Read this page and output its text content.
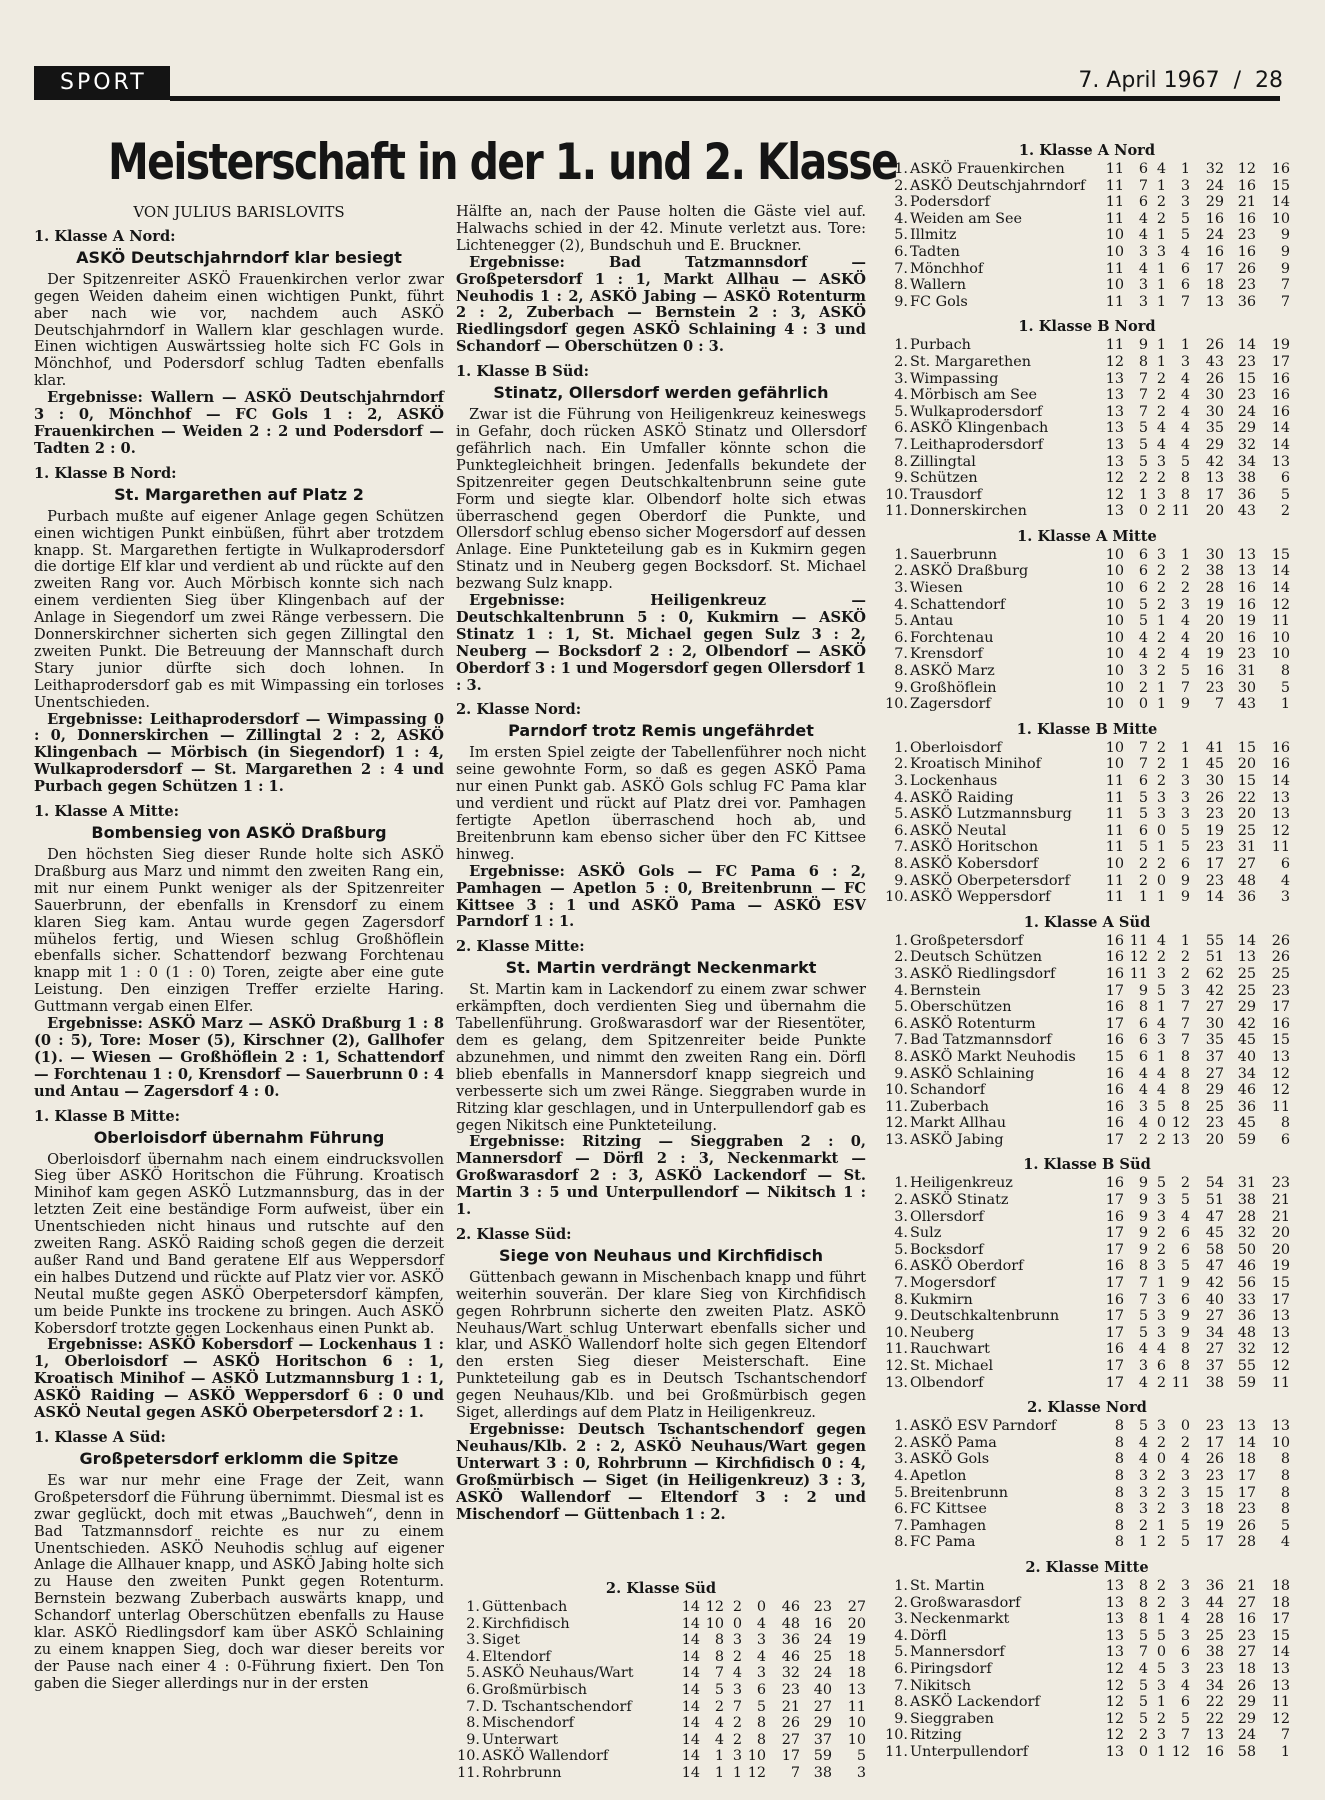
SPORT	7. April 1967 / 28
Meisterschaft in der 1. und 2. Klasse

VON JULIUS BARISLOVITS

1. Klasse A Nord:

ASKÖ Deutschjahrndorf klar besiegt

Der Spitzenreiter ASKÖ Frauenkirchen verlor zwar gegen Weiden daheim einen wichtigen Punkt, führt aber nach wie vor, nachdem auch ASKÖ Deutschjahrndorf in Wallern klar geschlagen wurde. Einen wichtigen Auswärtssieg holte sich FC Gols in Mönchhof, und Podersdorf schlug Tadten ebenfalls klar.

Ergebnisse: Wallern — ASKÖ Deutschjahrndorf 3 : 0, Mönchhof — FC Gols 1 : 2, ASKÖ Frauenkirchen — Weiden 2 : 2 und Podersdorf — Tadten 2 : 0.

1. Klasse B Nord:

St. Margarethen auf Platz 2

Purbach mußte auf eigener Anlage gegen Schützen einen wichtigen Punkt einbüßen, führt aber trotzdem knapp. St. Margarethen fertigte in Wulkaprodersdorf die dortige Elf klar und verdient ab und rückte auf den zweiten Rang vor. Auch Mörbisch konnte sich nach einem verdienten Sieg über Klingenbach auf der Anlage in Siegendorf um zwei Ränge verbessern. Die Donnerskirchner sicherten sich gegen Zillingtal den zweiten Punkt. Die Betreuung der Mannschaft durch Stary junior dürfte sich doch lohnen. In Leithaprodersdorf gab es mit Wimpassing ein torloses Unentschieden.

Ergebnisse: Leithaprodersdorf — Wimpassing 0 : 0, Donnerskirchen — Zillingtal 2 : 2, ASKÖ Klingenbach — Mörbisch (in Siegendorf) 1 : 4, Wulkaprodersdorf — St. Margarethen 2 : 4 und Purbach gegen Schützen 1 : 1.

1. Klasse A Mitte:

Bombensieg von ASKÖ Draßburg

Den höchsten Sieg dieser Runde holte sich ASKÖ Draßburg aus Marz und nimmt den zweiten Rang ein, mit nur einem Punkt weniger als der Spitzenreiter Sauerbrunn, der ebenfalls in Krensdorf zu einem klaren Sieg kam. Antau wurde gegen Zagersdorf mühelos fertig, und Wiesen schlug Großhöflein ebenfalls sicher. Schattendorf bezwang Forchtenau knapp mit 1 : 0 (1 : 0) Toren, zeigte aber eine gute Leistung. Den einzigen Treffer erzielte Haring. Guttmann vergab einen Elfer.

Ergebnisse: ASKÖ Marz — ASKÖ Draßburg 1 : 8 (0 : 5), Tore: Moser (5), Kirschner (2), Gallhofer (1). — Wiesen — Großhöflein 2 : 1, Schattendorf — Forchtenau 1 : 0, Krensdorf — Sauerbrunn 0 : 4 und Antau — Zagersdorf 4 : 0.

1. Klasse B Mitte:

Oberloisdorf übernahm Führung

Oberloisdorf übernahm nach einem eindrucksvollen Sieg über ASKÖ Horitschon die Führung. Kroatisch Minihof kam gegen ASKÖ Lutzmannsburg, das in der letzten Zeit eine beständige Form aufweist, über ein Unentschieden nicht hinaus und rutschte auf den zweiten Rang. ASKÖ Raiding schoß gegen die derzeit außer Rand und Band geratene Elf aus Weppersdorf ein halbes Dutzend und rückte auf Platz vier vor. ASKÖ Neutal mußte gegen ASKÖ Oberpetersdorf kämpfen, um beide Punkte ins trockene zu bringen. Auch ASKÖ Kobersdorf trotzte gegen Lockenhaus einen Punkt ab.

Ergebnisse: ASKÖ Kobersdorf — Lockenhaus 1 : 1, Oberloisdorf — ASKÖ Horitschon 6 : 1, Kroatisch Minihof — ASKÖ Lutzmannsburg 1 : 1, ASKÖ Raiding — ASKÖ Weppersdorf 6 : 0 und ASKÖ Neutal gegen ASKÖ Oberpetersdorf 2 : 1.

1. Klasse A Süd:

Großpetersdorf erklomm die Spitze

Es war nur mehr eine Frage der Zeit, wann Großpetersdorf die Führung übernimmt. Diesmal ist es zwar geglückt, doch mit etwas „Bauchweh“, denn in Bad Tatzmannsdorf reichte es nur zu einem Unentschieden. ASKÖ Neuhodis schlug auf eigener Anlage die Allhauer knapp, und ASKÖ Jabing holte sich zu Hause den zweiten Punkt gegen Rotenturm. Bernstein bezwang Zuberbach auswärts knapp, und Schandorf unterlag Oberschützen ebenfalls zu Hause klar. ASKÖ Riedlingsdorf kam über ASKÖ Schlaining zu einem knappen Sieg, doch war dieser bereits vor der Pause nach einer 4 : 0-Führung fixiert. Den Ton gaben die Sieger allerdings nur in der ersten

Hälfte an, nach der Pause holten die Gäste viel auf. Halwachs schied in der 42. Minute verletzt aus. Tore: Lichtenegger (2), Bundschuh und E. Bruckner.

Ergebnisse: Bad Tatzmannsdorf — Großpetersdorf 1 : 1, Markt Allhau — ASKÖ Neuhodis 1 : 2, ASKÖ Jabing — ASKÖ Rotenturm 2 : 2, Zuberbach — Bernstein 2 : 3, ASKÖ Riedlingsdorf gegen ASKÖ Schlaining 4 : 3 und Schandorf — Oberschützen 0 : 3.

1. Klasse B Süd:

Stinatz, Ollersdorf werden gefährlich

Zwar ist die Führung von Heiligenkreuz keineswegs in Gefahr, doch rücken ASKÖ Stinatz und Ollersdorf gefährlich nach. Ein Umfaller könnte schon die Punktegleichheit bringen. Jedenfalls bekundete der Spitzenreiter gegen Deutschkaltenbrunn seine gute Form und siegte klar. Olbendorf holte sich etwas überraschend gegen Oberdorf die Punkte, und Ollersdorf schlug ebenso sicher Mogersdorf auf dessen Anlage. Eine Punkteteilung gab es in Kukmirn gegen Stinatz und in Neuberg gegen Bocksdorf. St. Michael bezwang Sulz knapp.

Ergebnisse: Heiligenkreuz — Deutschkaltenbrunn 5 : 0, Kukmirn — ASKÖ Stinatz 1 : 1, St. Michael gegen Sulz 3 : 2, Neuberg — Bocksdorf 2 : 2, Olbendorf — ASKÖ Oberdorf 3 : 1 und Mogersdorf gegen Ollersdorf 1 : 3.

2. Klasse Nord:

Parndorf trotz Remis ungefährdet

Im ersten Spiel zeigte der Tabellenführer noch nicht seine gewohnte Form, so daß es gegen ASKÖ Pama nur einen Punkt gab. ASKÖ Gols schlug FC Pama klar und verdient und rückt auf Platz drei vor. Pamhagen fertigte Apetlon überraschend hoch ab, und Breitenbrunn kam ebenso sicher über den FC Kittsee hinweg.

Ergebnisse: ASKÖ Gols — FC Pama 6 : 2, Pamhagen — Apetlon 5 : 0, Breitenbrunn — FC Kittsee 3 : 1 und ASKÖ Pama — ASKÖ ESV Parndorf 1 : 1.

2. Klasse Mitte:

St. Martin verdrängt Neckenmarkt

St. Martin kam in Lackendorf zu einem zwar schwer erkämpften, doch verdienten Sieg und übernahm die Tabellenführung. Großwarasdorf war der Riesentöter, dem es gelang, dem Spitzenreiter beide Punkte abzunehmen, und nimmt den zweiten Rang ein. Dörfl blieb ebenfalls in Mannersdorf knapp siegreich und verbesserte sich um zwei Ränge. Sieggraben wurde in Ritzing klar geschlagen, und in Unterpullendorf gab es gegen Nikitsch eine Punkteteilung.

Ergebnisse: Ritzing — Sieggraben 2 : 0, Mannersdorf — Dörfl 2 : 3, Neckenmarkt — Großwarasdorf 2 : 3, ASKÖ Lackendorf — St. Martin 3 : 5 und Unterpullendorf — Nikitsch 1 : 1.

2. Klasse Süd:

Siege von Neuhaus und Kirchfidisch

Güttenbach gewann in Mischenbach knapp und führt weiterhin souverän. Der klare Sieg von Kirchfidisch gegen Rohrbrunn sicherte den zweiten Platz. ASKÖ Neuhaus/Wart schlug Unterwart ebenfalls sicher und klar, und ASKÖ Wallendorf holte sich gegen Eltendorf den ersten Sieg dieser Meisterschaft. Eine Punkteteilung gab es in Deutsch Tschantschendorf gegen Neuhaus/Klb. und bei Großmürbisch gegen Siget, allerdings auf dem Platz in Heiligenkreuz.

Ergebnisse: Deutsch Tschantschendorf gegen Neuhaus/Klb. 2 : 2, ASKÖ Neuhaus/Wart gegen Unterwart 3 : 0, Rohrbrunn — Kirchfidisch 0 : 4, Großmürbisch — Siget (in Heiligenkreuz) 3 : 3, ASKÖ Wallendorf — Eltendorf 3 : 2 und Mischendorf — Güttenbach 1 : 2.

1. Klasse A Nord
1.	ASKÖ Frauenkirchen	11	6	4	1	32	12	16
2.	ASKÖ Deutschjahrndorf	11	7	1	3	24	16	15
3.	Podersdorf	11	6	2	3	29	21	14
4.	Weiden am See	11	4	2	5	16	16	10
5.	Illmitz	10	4	1	5	24	23	9
6.	Tadten	10	3	3	4	16	16	9
7.	Mönchhof	11	4	1	6	17	26	9
8.	Wallern	10	3	1	6	18	23	7
9.	FC Gols	11	3	1	7	13	36	7
1. Klasse B Nord
1.	Purbach	11	9	1	1	26	14	19
2.	St. Margarethen	12	8	1	3	43	23	17
3.	Wimpassing	13	7	2	4	26	15	16
4.	Mörbisch am See	13	7	2	4	30	23	16
5.	Wulkaprodersdorf	13	7	2	4	30	24	16
6.	ASKÖ Klingenbach	13	5	4	4	35	29	14
7.	Leithaprodersdorf	13	5	4	4	29	32	14
8.	Zillingtal	13	5	3	5	42	34	13
9.	Schützen	12	2	2	8	13	38	6
10.	Trausdorf	12	1	3	8	17	36	5
11.	Donnerskirchen	13	0	2	11	20	43	2
1. Klasse A Mitte
1.	Sauerbrunn	10	6	3	1	30	13	15
2.	ASKÖ Draßburg	10	6	2	2	38	13	14
3.	Wiesen	10	6	2	2	28	16	14
4.	Schattendorf	10	5	2	3	19	16	12
5.	Antau	10	5	1	4	20	19	11
6.	Forchtenau	10	4	2	4	20	16	10
7.	Krensdorf	10	4	2	4	19	23	10
8.	ASKÖ Marz	10	3	2	5	16	31	8
9.	Großhöflein	10	2	1	7	23	30	5
10.	Zagersdorf	10	0	1	9	7	43	1
1. Klasse B Mitte
1.	Oberloisdorf	10	7	2	1	41	15	16
2.	Kroatisch Minihof	10	7	2	1	45	20	16
3.	Lockenhaus	11	6	2	3	30	15	14
4.	ASKÖ Raiding	11	5	3	3	26	22	13
5.	ASKÖ Lutzmannsburg	11	5	3	3	23	20	13
6.	ASKÖ Neutal	11	6	0	5	19	25	12
7.	ASKÖ Horitschon	11	5	1	5	23	31	11
8.	ASKÖ Kobersdorf	10	2	2	6	17	27	6
9.	ASKÖ Oberpetersdorf	11	2	0	9	23	48	4
10.	ASKÖ Weppersdorf	11	1	1	9	14	36	3
1. Klasse A Süd
1.	Großpetersdorf	16	11	4	1	55	14	26
2.	Deutsch Schützen	16	12	2	2	51	13	26
3.	ASKÖ Riedlingsdorf	16	11	3	2	62	25	25
4.	Bernstein	17	9	5	3	42	25	23
5.	Oberschützen	16	8	1	7	27	29	17
6.	ASKÖ Rotenturm	17	6	4	7	30	42	16
7.	Bad Tatzmannsdorf	16	6	3	7	35	45	15
8.	ASKÖ Markt Neuhodis	15	6	1	8	37	40	13
9.	ASKÖ Schlaining	16	4	4	8	27	34	12
10.	Schandorf	16	4	4	8	29	46	12
11.	Zuberbach	16	3	5	8	25	36	11
12.	Markt Allhau	16	4	0	12	23	45	8
13.	ASKÖ Jabing	17	2	2	13	20	59	6
1. Klasse B Süd
1.	Heiligenkreuz	16	9	5	2	54	31	23
2.	ASKÖ Stinatz	17	9	3	5	51	38	21
3.	Ollersdorf	16	9	3	4	47	28	21
4.	Sulz	17	9	2	6	45	32	20
5.	Bocksdorf	17	9	2	6	58	50	20
6.	ASKÖ Oberdorf	16	8	3	5	47	46	19
7.	Mogersdorf	17	7	1	9	42	56	15
8.	Kukmirn	16	7	3	6	40	33	17
9.	Deutschkaltenbrunn	17	5	3	9	27	36	13
10.	Neuberg	17	5	3	9	34	48	13
11.	Rauchwart	16	4	4	8	27	32	12
12.	St. Michael	17	3	6	8	37	55	12
13.	Olbendorf	17	4	2	11	38	59	11
2. Klasse Nord
1.	ASKÖ ESV Parndorf	8	5	3	0	23	13	13
2.	ASKÖ Pama	8	4	2	2	17	14	10
3.	ASKÖ Gols	8	4	0	4	26	18	8
4.	Apetlon	8	3	2	3	23	17	8
5.	Breitenbrunn	8	3	2	3	15	17	8
6.	FC Kittsee	8	3	2	3	18	23	8
7.	Pamhagen	8	2	1	5	19	26	5
8.	FC Pama	8	1	2	5	17	28	4
2. Klasse Mitte
1.	St. Martin	13	8	2	3	36	21	18
2.	Großwarasdorf	13	8	2	3	44	27	18
3.	Neckenmarkt	13	8	1	4	28	16	17
4.	Dörfl	13	5	5	3	25	23	15
5.	Mannersdorf	13	7	0	6	38	27	14
6.	Piringsdorf	12	4	5	3	23	18	13
7.	Nikitsch	12	5	3	4	34	26	13
8.	ASKÖ Lackendorf	12	5	1	6	22	29	11
9.	Sieggraben	12	5	2	5	22	29	12
10.	Ritzing	12	2	3	7	13	24	7
11.	Unterpullendorf	13	0	1	12	16	58	1
2. Klasse Süd
1.	Güttenbach	14	12	2	0	46	23	27
2.	Kirchfidisch	14	10	0	4	48	16	20
3.	Siget	14	8	3	3	36	24	19
4.	Eltendorf	14	8	2	4	46	25	18
5.	ASKÖ Neuhaus/Wart	14	7	4	3	32	24	18
6.	Großmürbisch	14	5	3	6	23	40	13
7.	D. Tschantschendorf	14	2	7	5	21	27	11
8.	Mischendorf	14	4	2	8	26	29	10
9.	Unterwart	14	4	2	8	27	37	10
10.	ASKÖ Wallendorf	14	1	3	10	17	59	5
11.	Rohrbrunn	14	1	1	12	7	38	3
